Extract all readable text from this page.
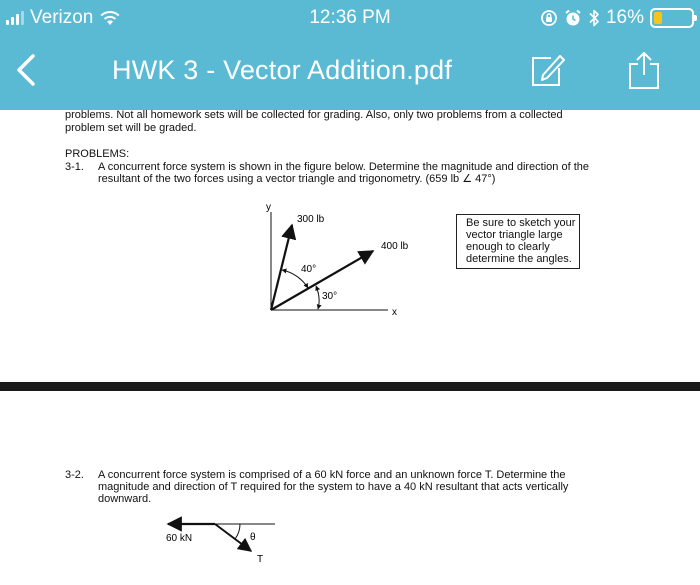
Verizon	12:36 PM	16%
HWK 3 - Vector Addition.pdf
problems. Not all homework sets will be collected for grading. Also, only two problems from a collected
problem set will be graded.
PROBLEMS:
3-1. A concurrent force system is shown in the figure below. Determine the magnitude and direction of the
resultant of the two forces using a vector triangle and trigonometry. (659 lb ∠ 47°)
y
x
300 lb
400 lb
40°
30°
Be sure to sketch your vector triangle large enough to clearly determine the angles.
3-2. A concurrent force system is comprised of a 60 kN force and an unknown force T. Determine the
magnitude and direction of T required for the system to have a 40 kN resultant that acts vertically
downward.
60 kN	θ
T
